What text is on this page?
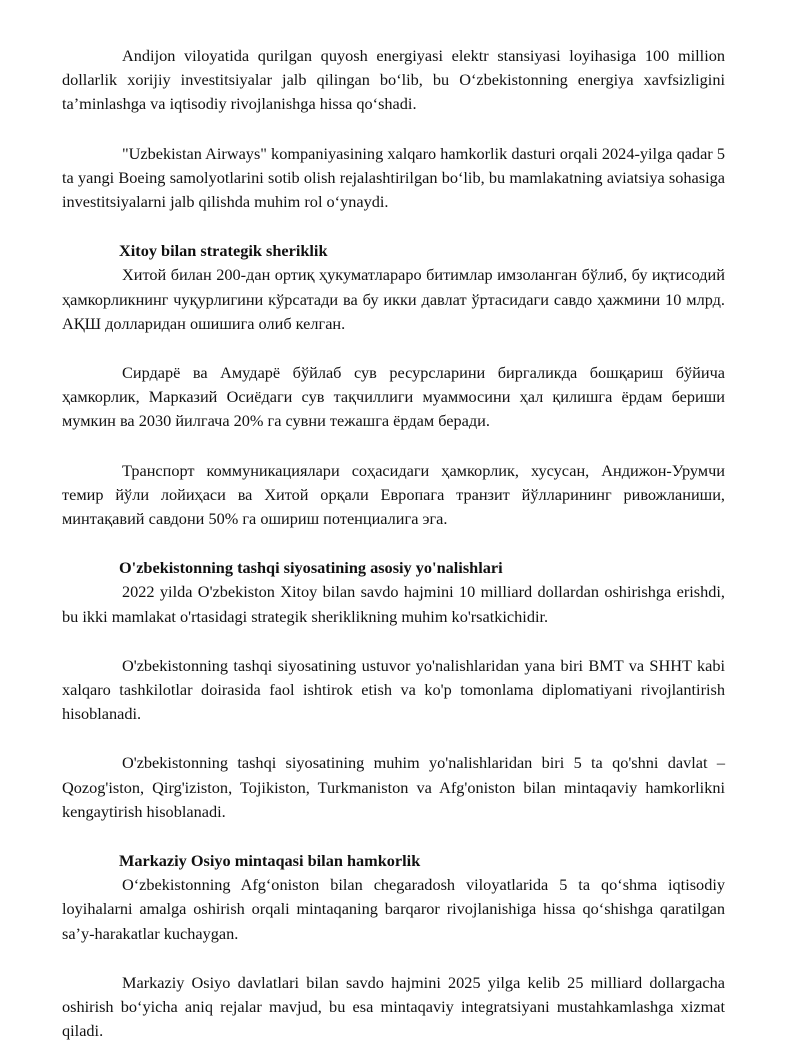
Andijon viloyatida qurilgan quyosh energiyasi elektr stansiyasi loyihasiga 100 million dollarlik xorijiy investitsiyalar jalb qilingan boʻlib, bu Oʻzbekistonning energiya xavfsizligini taʼminlashga va iqtisodiy rivojlanishga hissa qoʻshadi.

"Uzbekistan Airways" kompaniyasining xalqaro hamkorlik dasturi orqali 2024-yilga qadar 5 ta yangi Boeing samolyotlarini sotib olish rejalashtirilgan boʻlib, bu mamlakatning aviatsiya sohasiga investitsiyalarni jalb qilishda muhim rol oʻynaydi.

Xitoy bilan strategik sheriklik

Хитой билан 200-дан ортиқ ҳукуматлараро битимлар имзоланган бўлиб, бу иқтисодий ҳамкорликнинг чуқурлигини кўрсатади ва бу икки давлат ўртасидаги савдо ҳажмини 10 млрд. АҚШ долларидан ошишига олиб келган.

Сирдарё ва Амударё бўйлаб сув ресурсларини биргаликда бошқариш бўйича ҳамкорлик, Марказий Осиёдаги сув тақчиллиги муаммосини ҳал қилишга ёрдам бериши мумкин ва 2030 йилгача 20% га сувни тежашга ёрдам беради.

Транспорт коммуникациялари соҳасидаги ҳамкорлик, хусусан, Андижон-Урумчи темир йўли лойиҳаси ва Хитой орқали Европага транзит йўлларининг ривожланиши, минтақавий савдони 50% га ошириш потенциалига эга.

O'zbekistonning tashqi siyosatining asosiy yo'nalishlari

2022 yilda O'zbekiston Xitoy bilan savdo hajmini 10 milliard dollardan oshirishga erishdi, bu ikki mamlakat o'rtasidagi strategik sheriklikning muhim ko'rsatkichidir.

O'zbekistonning tashqi siyosatining ustuvor yo'nalishlaridan yana biri BMT va SHHT kabi xalqaro tashkilotlar doirasida faol ishtirok etish va ko'p tomonlama diplomatiyani rivojlantirish hisoblanadi.

O'zbekistonning tashqi siyosatining muhim yo'nalishlaridan biri 5 ta qo'shni davlat – Qozog'iston, Qirg'iziston, Tojikiston, Turkmaniston va Afg'oniston bilan mintaqaviy hamkorlikni kengaytirish hisoblanadi.

Markaziy Osiyo mintaqasi bilan hamkorlik

Oʻzbekistonning Afgʻoniston bilan chegaradosh viloyatlarida 5 ta qoʻshma iqtisodiy loyihalarni amalga oshirish orqali mintaqaning barqaror rivojlanishiga hissa qoʻshishga qaratilgan saʼy-harakatlar kuchaygan.

Markaziy Osiyo davlatlari bilan savdo hajmini 2025 yilga kelib 25 milliard dollargacha oshirish boʻyicha aniq rejalar mavjud, bu esa mintaqaviy integratsiyani mustahkamlashga xizmat qiladi.
